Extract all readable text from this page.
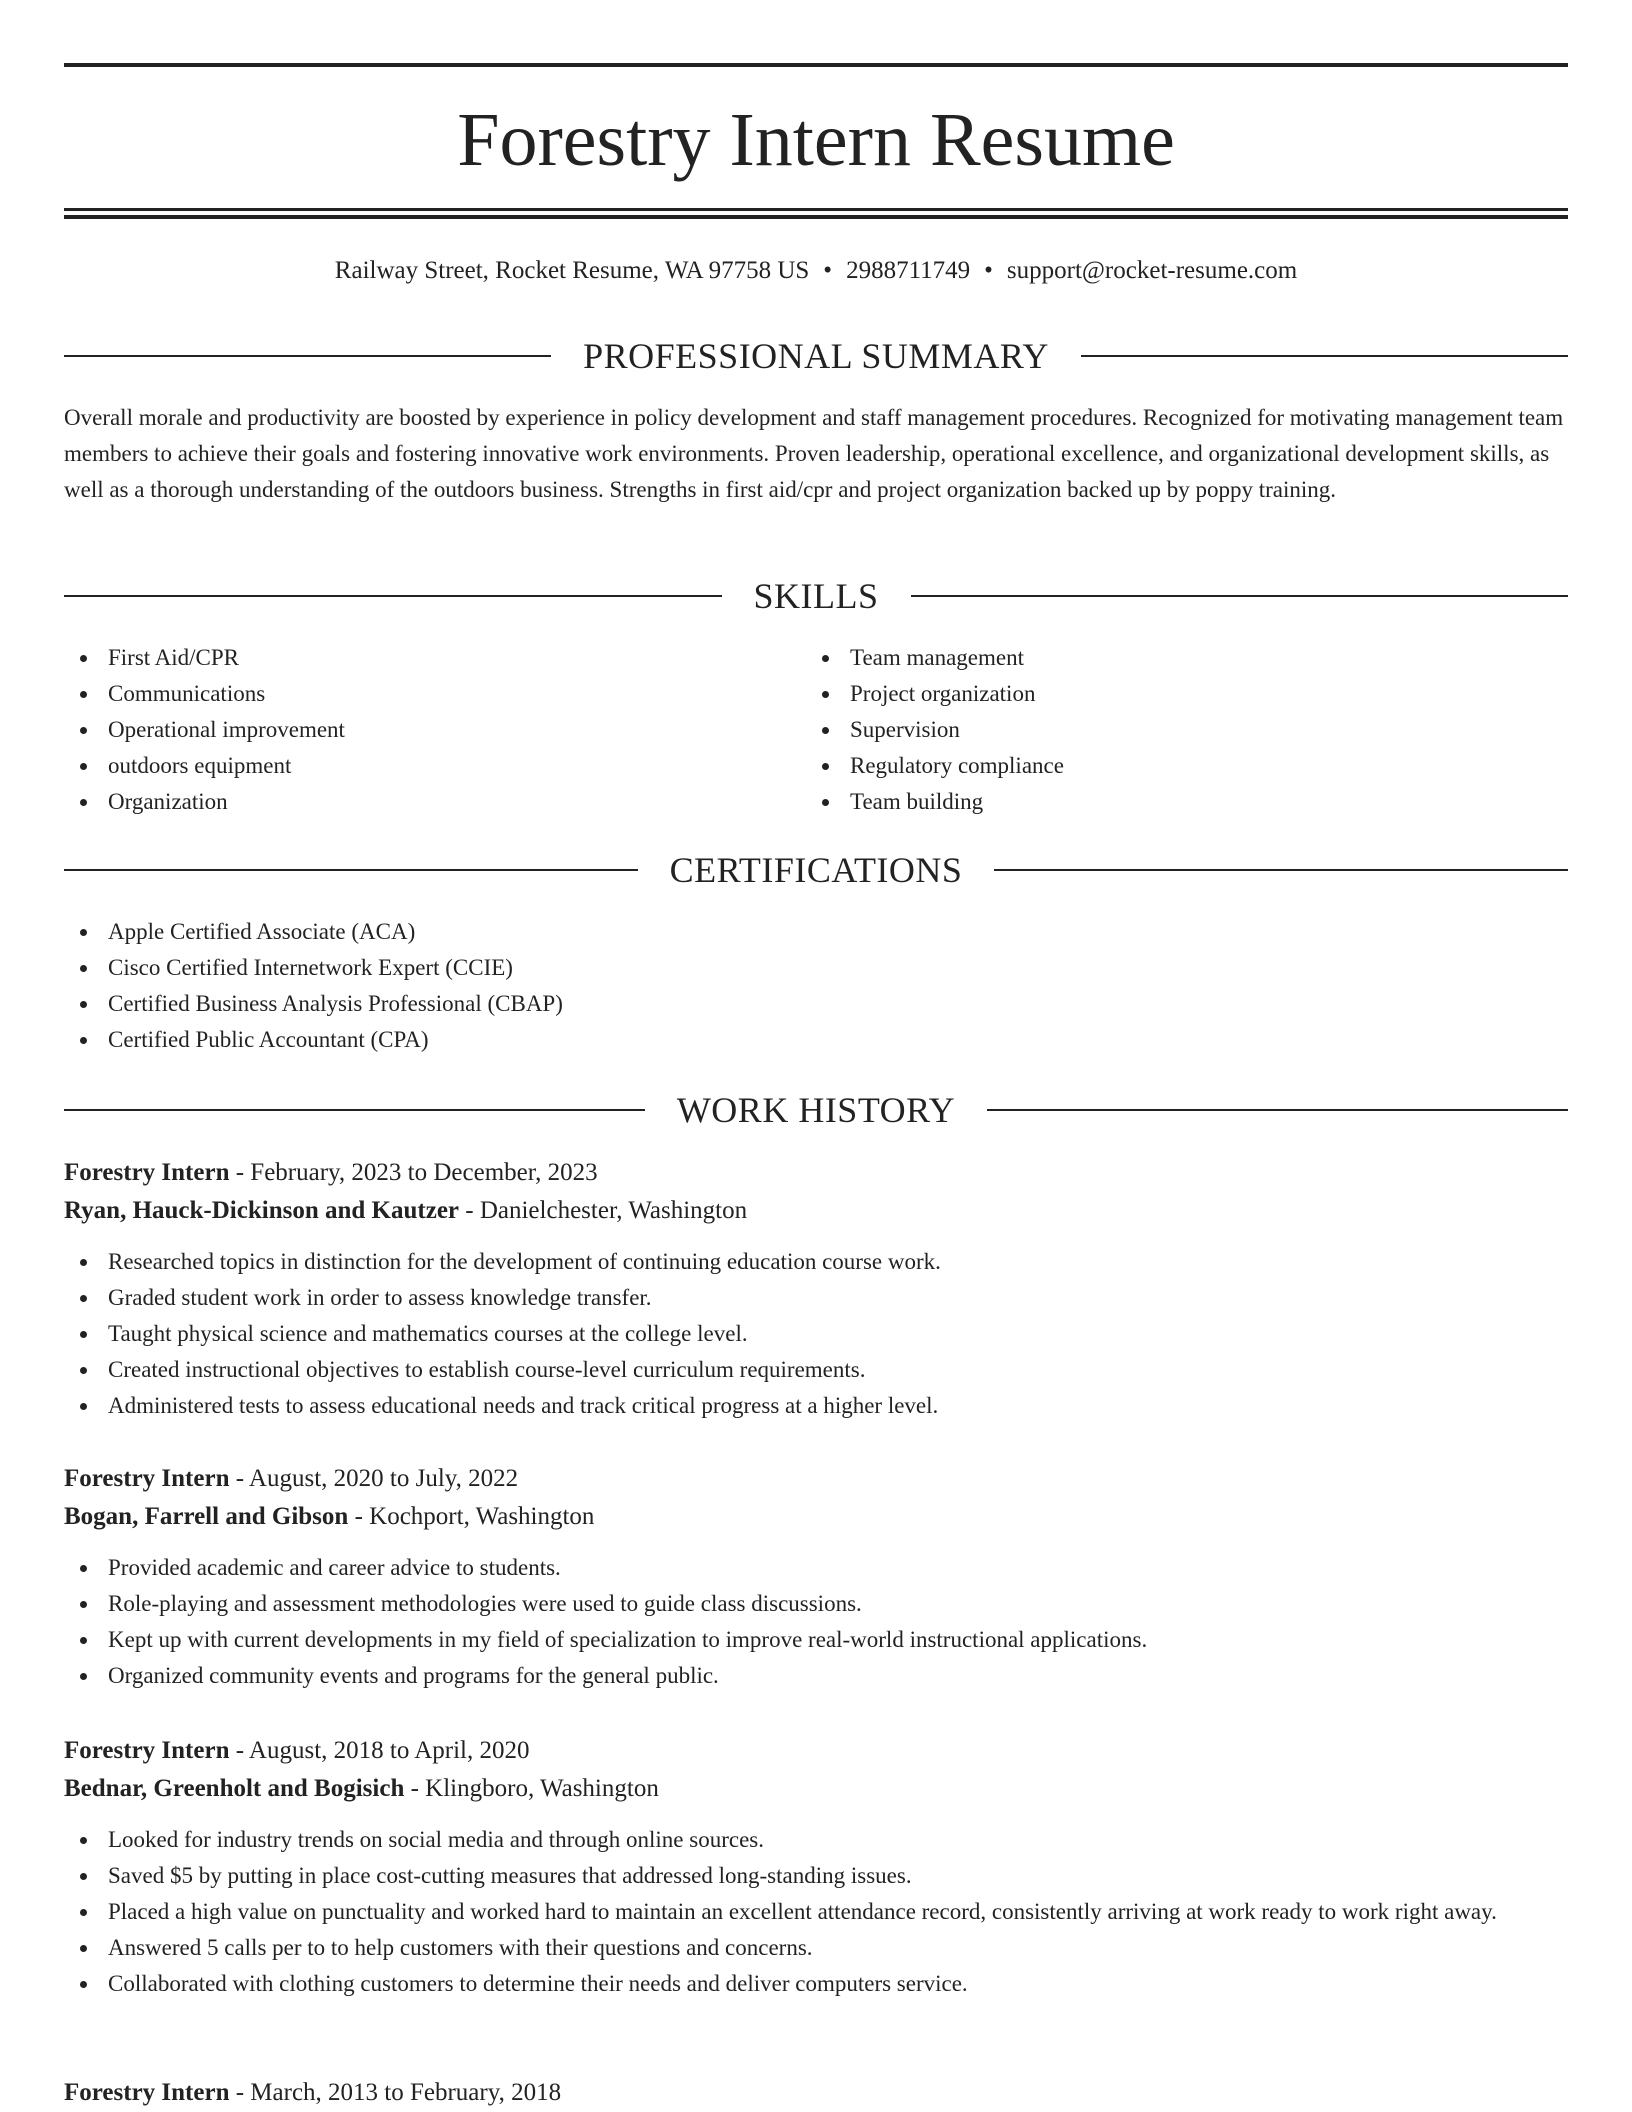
Forestry Intern Resume
Railway Street, Rocket Resume, WA 97758 US • 2988711749 • support@rocket-resume.com
PROFESSIONAL SUMMARY

Overall morale and productivity are boosted by experience in policy development and staff management procedures. Recognized for motivating management team members to achieve their goals and fostering innovative work environments. Proven leadership, operational excellence, and organizational development skills, as well as a thorough understanding of the outdoors business. Strengths in first aid/cpr and project organization backed up by poppy training.

SKILLS
First Aid/CPR
Communications
Operational improvement
outdoors equipment
Organization
Team management
Project organization
Supervision
Regulatory compliance
Team building
CERTIFICATIONS
Apple Certified Associate (ACA)
Cisco Certified Internetwork Expert (CCIE)
Certified Business Analysis Professional (CBAP)
Certified Public Accountant (CPA)
WORK HISTORY
Forestry Intern - February, 2023 to December, 2023
Ryan, Hauck-Dickinson and Kautzer - Danielchester, Washington
Researched topics in distinction for the development of continuing education course work.
Graded student work in order to assess knowledge transfer.
Taught physical science and mathematics courses at the college level.
Created instructional objectives to establish course-level curriculum requirements.
Administered tests to assess educational needs and track critical progress at a higher level.
Forestry Intern - August, 2020 to July, 2022
Bogan, Farrell and Gibson - Kochport, Washington
Provided academic and career advice to students.
Role-playing and assessment methodologies were used to guide class discussions.
Kept up with current developments in my field of specialization to improve real-world instructional applications.
Organized community events and programs for the general public.
Forestry Intern - August, 2018 to April, 2020
Bednar, Greenholt and Bogisich - Klingboro, Washington
Looked for industry trends on social media and through online sources.
Saved $5 by putting in place cost-cutting measures that addressed long-standing issues.
Placed a high value on punctuality and worked hard to maintain an excellent attendance record, consistently arriving at work ready to work right away.
Answered 5 calls per to to help customers with their questions and concerns.
Collaborated with clothing customers to determine their needs and deliver computers service.
Forestry Intern - March, 2013 to February, 2018
